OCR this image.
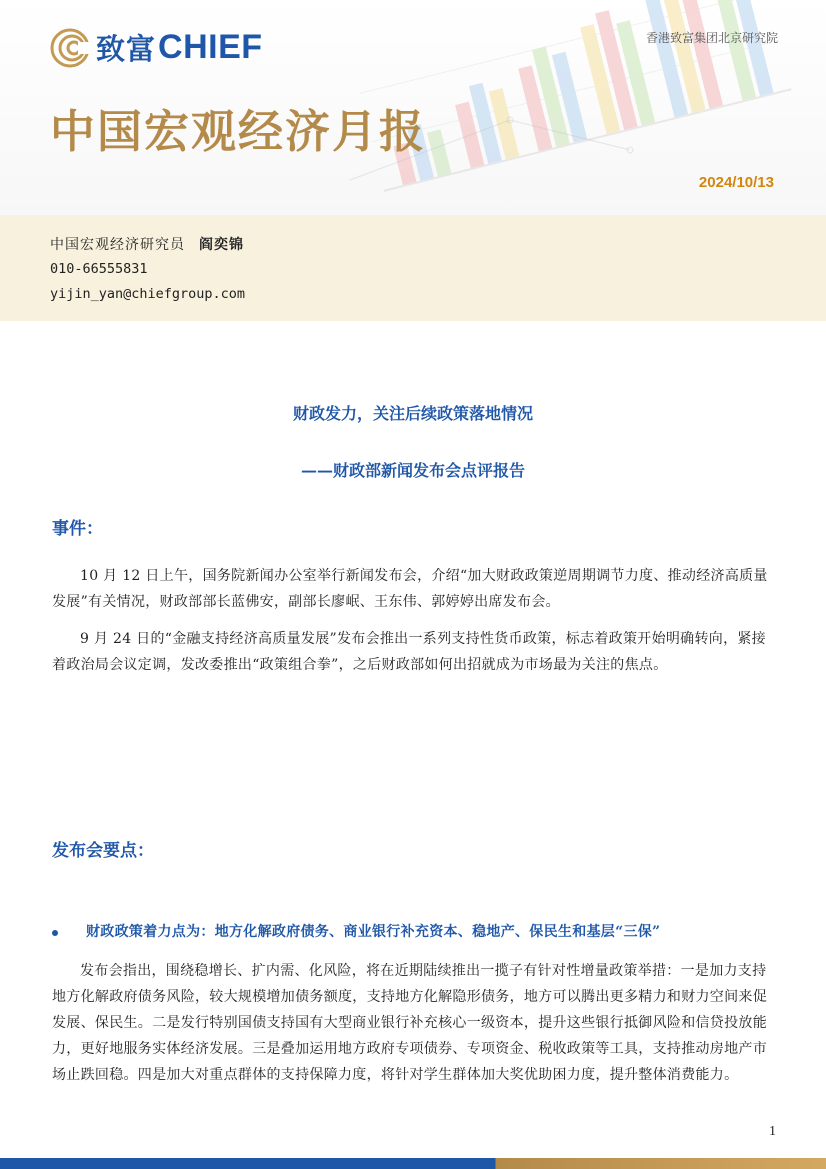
致富 CHIEF	香港致富集团北京研究院
中国宏观经济月报
2024/10/13
中国宏观经济研究员 阎奕锦
010-66555831
yijin_yan@chiefgroup.com
财政发力，关注后续政策落地情况
——财政部新闻发布会点评报告
事件：

10 月 12 日上午，国务院新闻办公室举行新闻发布会，介绍“加大财政政策逆周期调节力度、推动经济高质量发展”有关情况，财政部部长蓝佛安，副部长廖岷、王东伟、郭婷婷出席发布会。

9 月 24 日的“金融支持经济高质量发展”发布会推出一系列支持性货币政策，标志着政策开始明确转向，紧接着政治局会议定调，发改委推出“政策组合拳”，之后财政部如何出招就成为市场最为关注的焦点。

发布会要点：
财政政策着力点为：地方化解政府债务、商业银行补充资本、稳地产、保民生和基层“三保”

发布会指出，围绕稳增长、扩内需、化风险，将在近期陆续推出一揽子有针对性增量政策举措：一是加力支持地方化解政府债务风险，较大规模增加债务额度，支持地方化解隐形债务，地方可以腾出更多精力和财力空间来促发展、保民生。二是发行特别国债支持国有大型商业银行补充核心一级资本，提升这些银行抵御风险和信贷投放能力，更好地服务实体经济发展。三是叠加运用地方政府专项债券、专项资金、税收政策等工具，支持推动房地产市场止跌回稳。四是加大对重点群体的支持保障力度，将针对学生群体加大奖优助困力度，提升整体消费能力。

1
